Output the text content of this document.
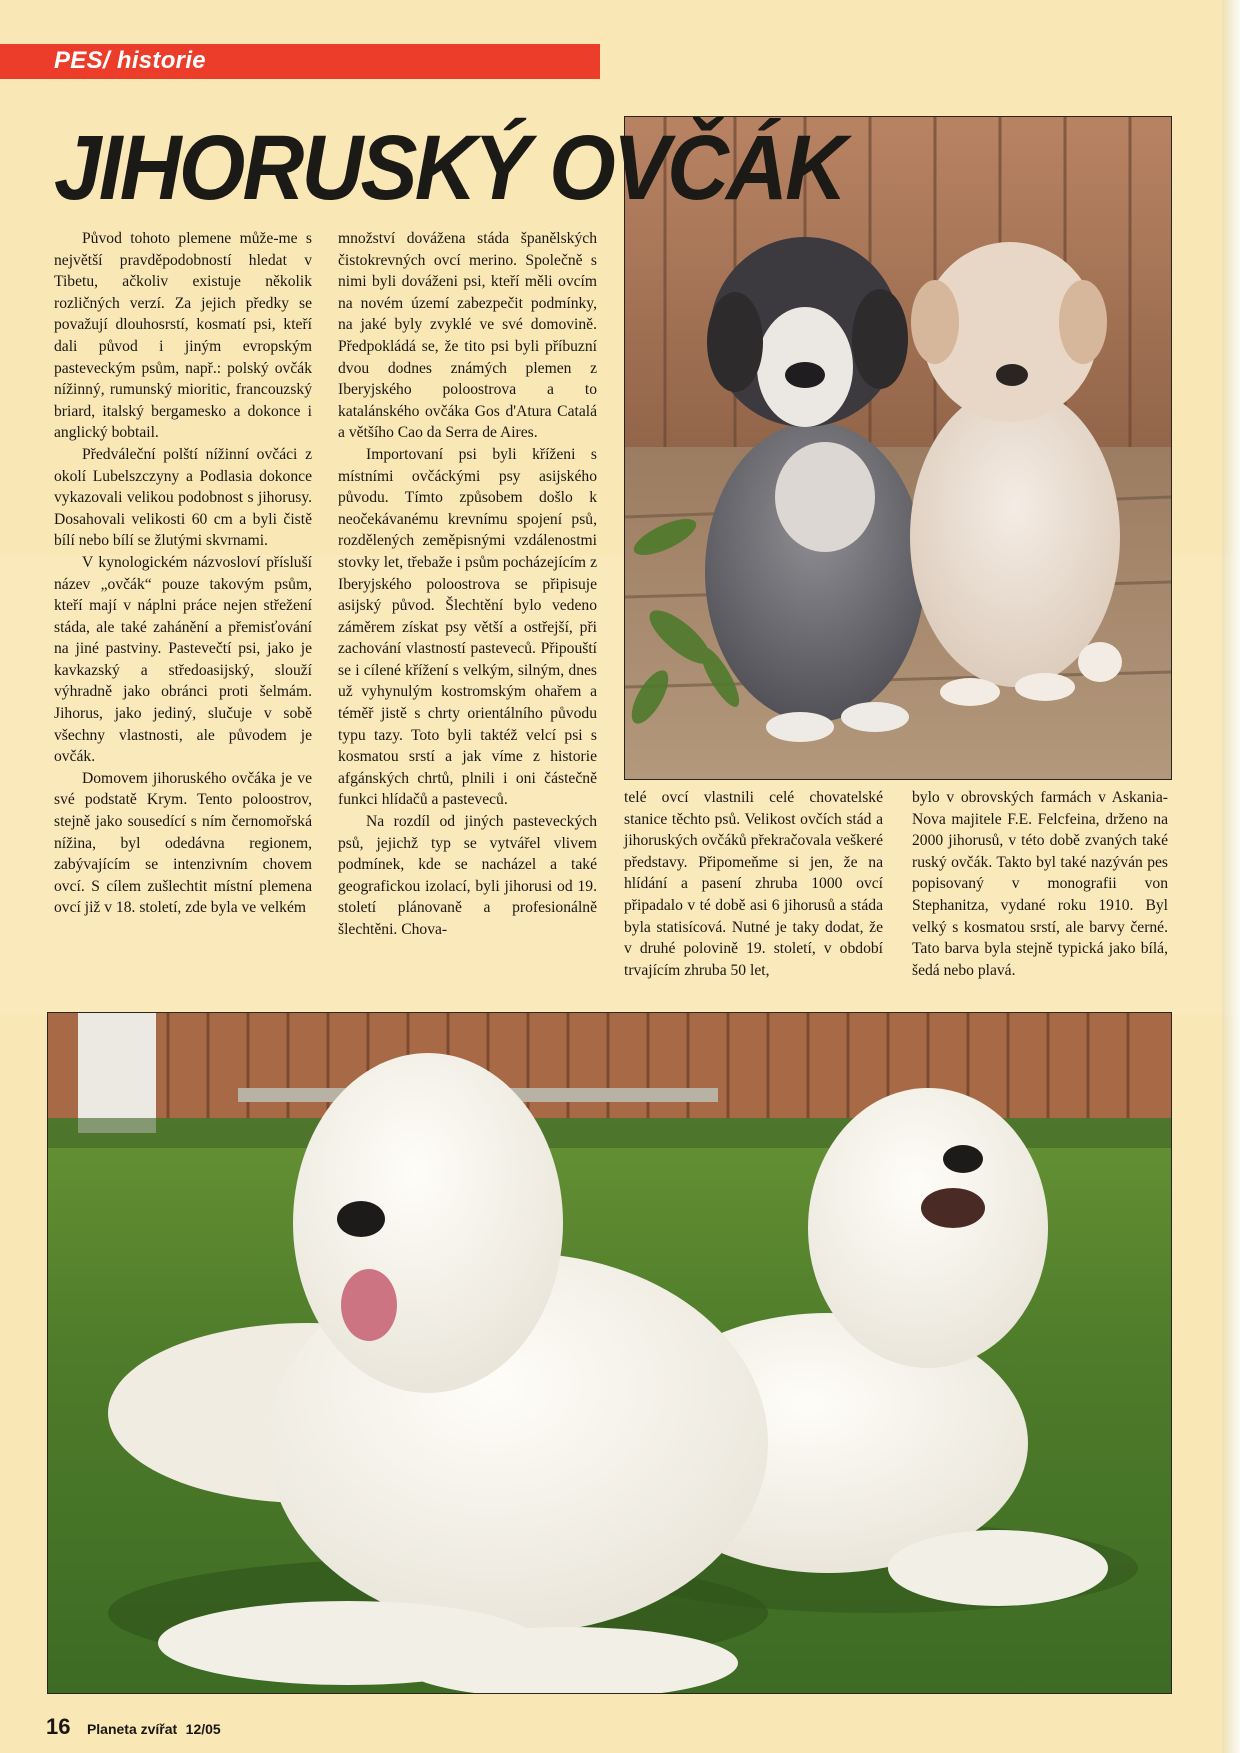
PES/ historie
JIHORUSKÝ OVČÁK

Původ tohoto plemene může-me s největší pravděpodobností hledat v Tibetu, ačkoliv existuje několik rozličných verzí. Za jejich předky se považují dlouhosrstí, kosmatí psi, kteří dali původ i jiným evropským pasteveckým psům, např.: polský ovčák nížinný, rumunský mioritic, francouzský briard, italský bergamesko a dokonce i anglický bobtail.

Předváleční polští nížinní ovčáci z okolí Lubelszczyny a Podlasia dokonce vykazovali velikou podobnost s jihorusy. Dosahovali velikosti 60 cm a byli čistě bílí nebo bílí se žlutými skvrnami.

V kynologickém názvosloví přísluší název „ovčák“ pouze takovým psům, kteří mají v náplni práce nejen střežení stáda, ale také zahánění a přemisťování na jiné pastviny. Pastevečtí psi, jako je kavkazský a středoasijský, slouží výhradně jako obránci proti šelmám. Jihorus, jako jediný, slučuje v sobě všechny vlastnosti, ale původem je ovčák.

Domovem jihoruského ovčáka je ve své podstatě Krym. Tento poloostrov, stejně jako sousedící s ním černomořská nížina, byl odedávna regionem, zabývajícím se intenzivním chovem ovcí. S cílem zušlechtit místní plemena ovcí již v 18. století, zde byla ve velkém

množství dovážena stáda španělských čistokrevných ovcí merino. Společně s nimi byli dováženi psi, kteří měli ovcím na novém území zabezpečit podmínky, na jaké byly zvyklé ve své domovině. Předpokládá se, že tito psi byli příbuzní dvou dodnes známých plemen z Iberyjského poloostrova a to katalánského ovčáka Gos d'Atura Catalá a většího Cao da Serra de Aires.

Importovaní psi byli kříženi s místními ovčáckými psy asijského původu. Tímto způsobem došlo k neočekávanému krevnímu spojení psů, rozdělených zeměpisnými vzdálenostmi stovky let, třebaže i psům pocházejícím z Iberyjského poloostrova se připisuje asijský původ. Šlechtění bylo vedeno záměrem získat psy větší a ostřejší, při zachování vlastností pasteveců. Připouští se i cílené křížení s velkým, silným, dnes už vyhynulým kostromským ohařem a téměř jistě s chrty orientálního původu typu tazy. Toto byli taktéž velcí psi s kosmatou srstí a jak víme z historie afgánských chrtů, plnili i oni částečně funkci hlídačů a pasteveců.

Na rozdíl od jiných pasteveckých psů, jejichž typ se vytvářel vlivem podmínek, kde se nacházel a také geografickou izolací, byli jihorusi od 19. století plánovaně a profesionálně šlechtěni. Chova-

telé ovcí vlastnili celé chovatelské stanice těchto psů. Velikost ovčích stád a jihoruských ovčáků překračovala veškeré představy. Připomeňme si jen, že na hlídání a pasení zhruba 1000 ovcí připadalo v té době asi 6 jihorusů a stáda byla statisícová. Nutné je taky dodat, že v druhé polovině 19. století, v období trvajícím zhruba 50 let,

bylo v obrovských farmách v Askania-Nova majitele F.E. Felcfeina, drženo na 2000 jihorusů, v této době zvaných také ruský ovčák. Takto byl také nazýván pes popisovaný v monografii von Stephanitza, vydané roku 1910. Byl velký s kosmatou srstí, ale barvy černé. Tato barva byla stejně typická jako bílá, šedá nebo plavá.

16 Planeta zvířat 12/05
